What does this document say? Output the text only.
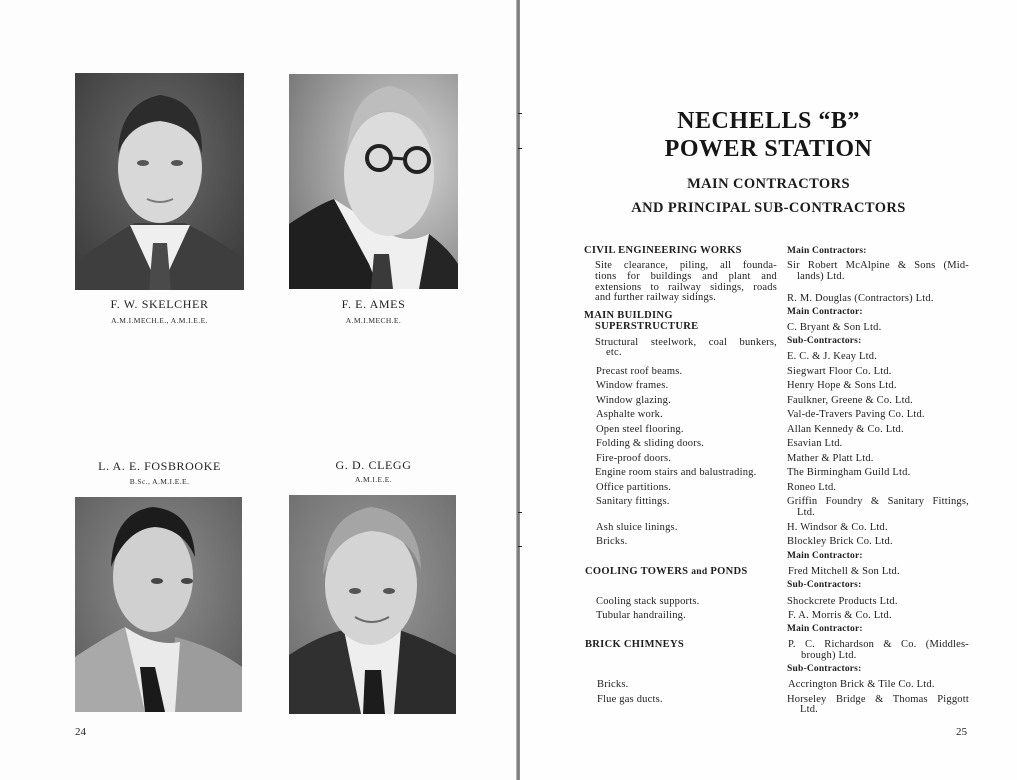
F. W. SKELCHER
A.M.I.MECH.E., A.M.I.E.E.
F. E. AMES
A.M.I.MECH.E.
L. A. E. FOSBROOKE
B.Sc., A.M.I.E.E.
G. D. CLEGG
A.M.I.E.E.
24
NECHELLS “B”
POWER STATION
MAIN CONTRACTORS
AND PRINCIPAL SUB-CONTRACTORS
CIVIL ENGINEERING WORKS
Site clearance, piling, all founda-
tions for buildings and plant and
extensions to railway sidings, roads
and further railway sidings.
MAIN BUILDING
SUPERSTRUCTURE
Structural steelwork, coal bunkers,
etc.
Precast roof beams.
Window frames.
Window glazing.
Asphalte work.
Open steel flooring.
Folding & sliding doors.
Fire-proof doors.
Engine room stairs and balustrading.
Office partitions.
Sanitary fittings.
Ash sluice linings.
Bricks.
COOLING TOWERS and PONDS
Cooling stack supports.
Tubular handrailing.
BRICK CHIMNEYS
Bricks.
Flue gas ducts.
Main Contractors:
Sir Robert McAlpine & Sons (Mid-
lands) Ltd.
R. M. Douglas (Contractors) Ltd.
Main Contractor:
C. Bryant & Son Ltd.
Sub-Contractors:
E. C. & J. Keay Ltd.
Siegwart Floor Co. Ltd.
Henry Hope & Sons Ltd.
Faulkner, Greene & Co. Ltd.
Val-de-Travers Paving Co. Ltd.
Allan Kennedy & Co. Ltd.
Esavian Ltd.
Mather & Platt Ltd.
The Birmingham Guild Ltd.
Roneo Ltd.
Griffin Foundry & Sanitary Fittings,
Ltd.
H. Windsor & Co. Ltd.
Blockley Brick Co. Ltd.
Main Contractor:
Fred Mitchell & Son Ltd.
Sub-Contractors:
Shockcrete Products Ltd.
F. A. Morris & Co. Ltd.
Main Contractor:
P. C. Richardson & Co. (Middles-
brough) Ltd.
Sub-Contractors:
Accrington Brick & Tile Co. Ltd.
Horseley Bridge & Thomas Piggott
Ltd.
25
